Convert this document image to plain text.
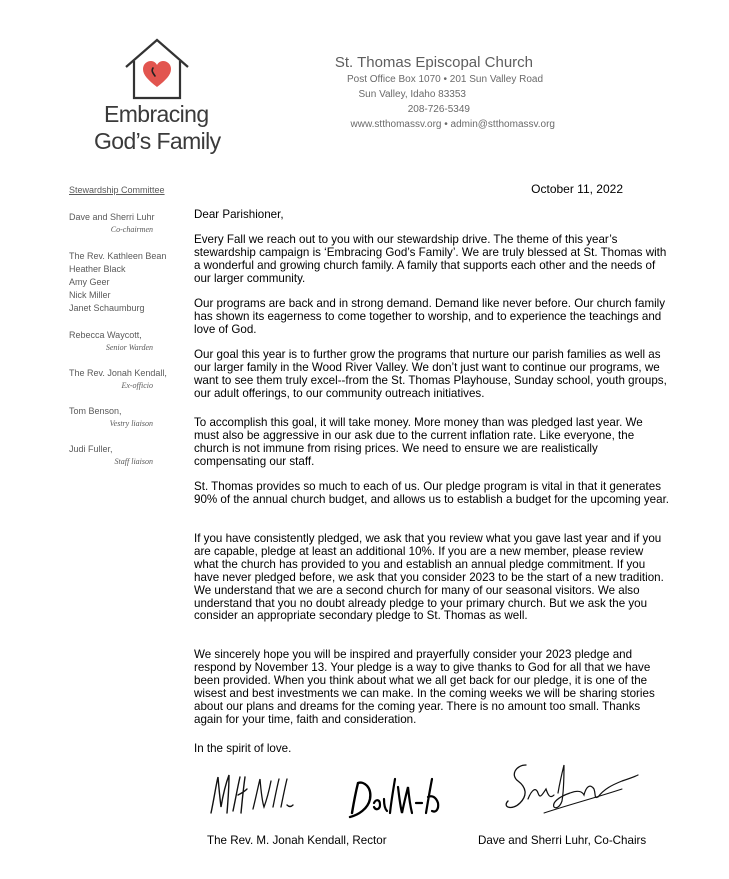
Embracing
God’s Family
St. Thomas Episcopal Church
Post Office Box 1070 • 201 Sun Valley Road
Sun Valley, Idaho 83353
208-726-5349
www.stthomassv.org • admin@stthomassv.org
Stewardship Committee
Dave and Sherri Luhr
Co-chairmen
The Rev. Kathleen Bean
Heather Black
Amy Geer
Nick Miller
Janet Schaumburg
Rebecca Waycott,
Senior Warden
The Rev. Jonah Kendall,
Ex-officio
Tom Benson,
Vestry liaison
Judi Fuller,
Staff liaison
October 11, 2022

Dear Parishioner,

Every Fall we reach out to you with our stewardship drive. The theme of this year’s stewardship campaign is ‘Embracing God’s Family’. We are truly blessed at St. Thomas with a wonderful and growing church family. A family that supports each other and the needs of our larger community.

Our programs are back and in strong demand. Demand like never before. Our church family has shown its eagerness to come together to worship, and to experience the teachings and love of God.

Our goal this year is to further grow the programs that nurture our parish families as well as our larger family in the Wood River Valley. We don’t just want to continue our programs, we want to see them truly excel--from the St. Thomas Playhouse, Sunday school, youth groups, our adult offerings, to our community outreach initiatives.

To accomplish this goal, it will take money. More money than was pledged last year. We must also be aggressive in our ask due to the current inflation rate. Like everyone, the church is not immune from rising prices. We need to ensure we are realistically compensating our staff.

St. Thomas provides so much to each of us. Our pledge program is vital in that it generates 90% of the annual church budget, and allows us to establish a budget for the upcoming year.

If you have consistently pledged, we ask that you review what you gave last year and if you are capable, pledge at least an additional 10%. If you are a new member, please review what the church has provided to you and establish an annual pledge commitment. If you have never pledged before, we ask that you consider 2023 to be the start of a new tradition. We understand that we are a second church for many of our seasonal visitors. We also understand that you no doubt already pledge to your primary church. But we ask the you consider an appropriate secondary pledge to St. Thomas as well.

We sincerely hope you will be inspired and prayerfully consider your 2023 pledge and respond by November 13. Your pledge is a way to give thanks to God for all that we have been provided. When you think about what we all get back for our pledge, it is one of the wisest and best investments we can make. In the coming weeks we will be sharing stories about our plans and dreams for the coming year. There is no amount too small. Thanks again for your time, faith and consideration.

In the spirit of love.

The Rev. M. Jonah Kendall, Rector	Dave and Sherri Luhr, Co-Chairs
